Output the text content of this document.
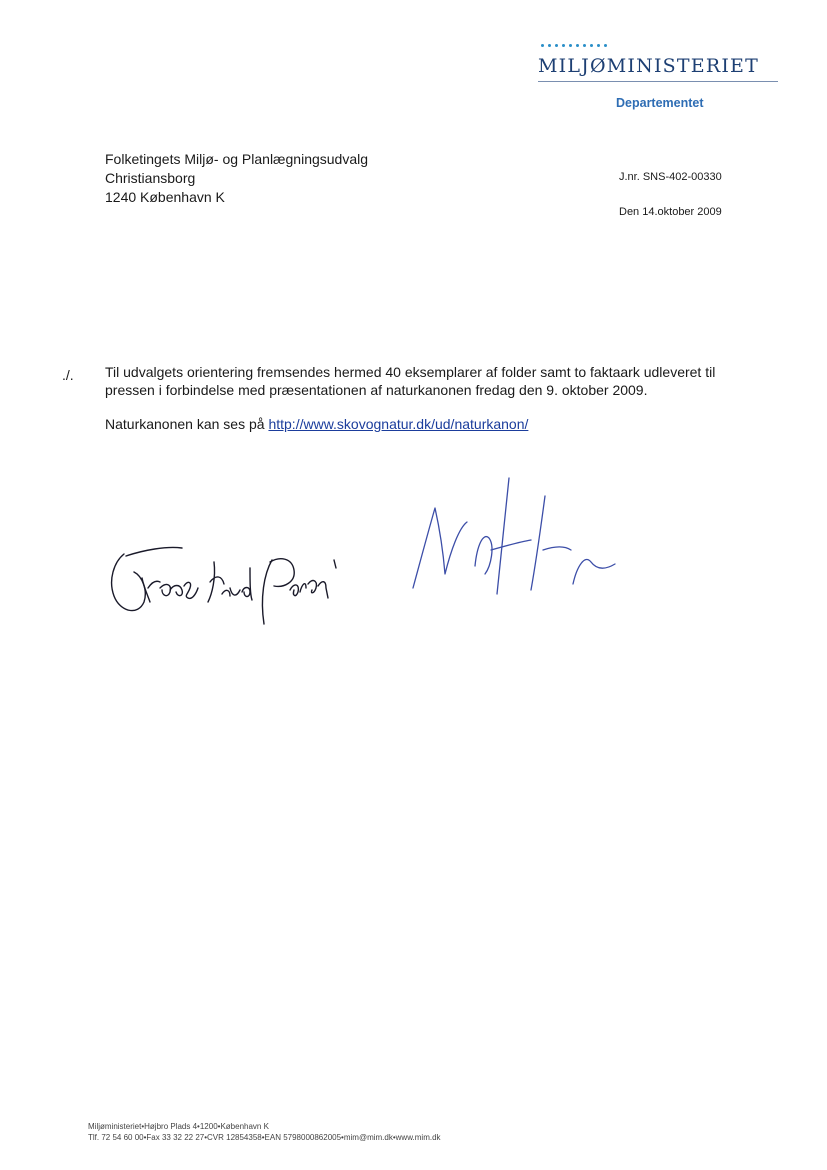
MILJØMINISTERIET
Departementet
Folketingets Miljø- og Planlægningsudvalg
Christiansborg
1240 København K
J.nr. SNS-402-00330
Den 14.oktober 2009
./. Til udvalgets orientering fremsendes hermed 40 eksemplarer af folder samt to faktaark udleveret til
pressen i forbindelse med præsentationen af naturkanonen fredag den 9. oktober 2009.
Naturkanonen kan ses på http://www.skovognatur.dk/ud/naturkanon/
Miljøministeriet•Højbro Plads 4•1200•København K
Tlf. 72 54 60 00•Fax 33 32 22 27•CVR 12854358•EAN 5798000862005•mim@mim.dk•www.mim.dk
